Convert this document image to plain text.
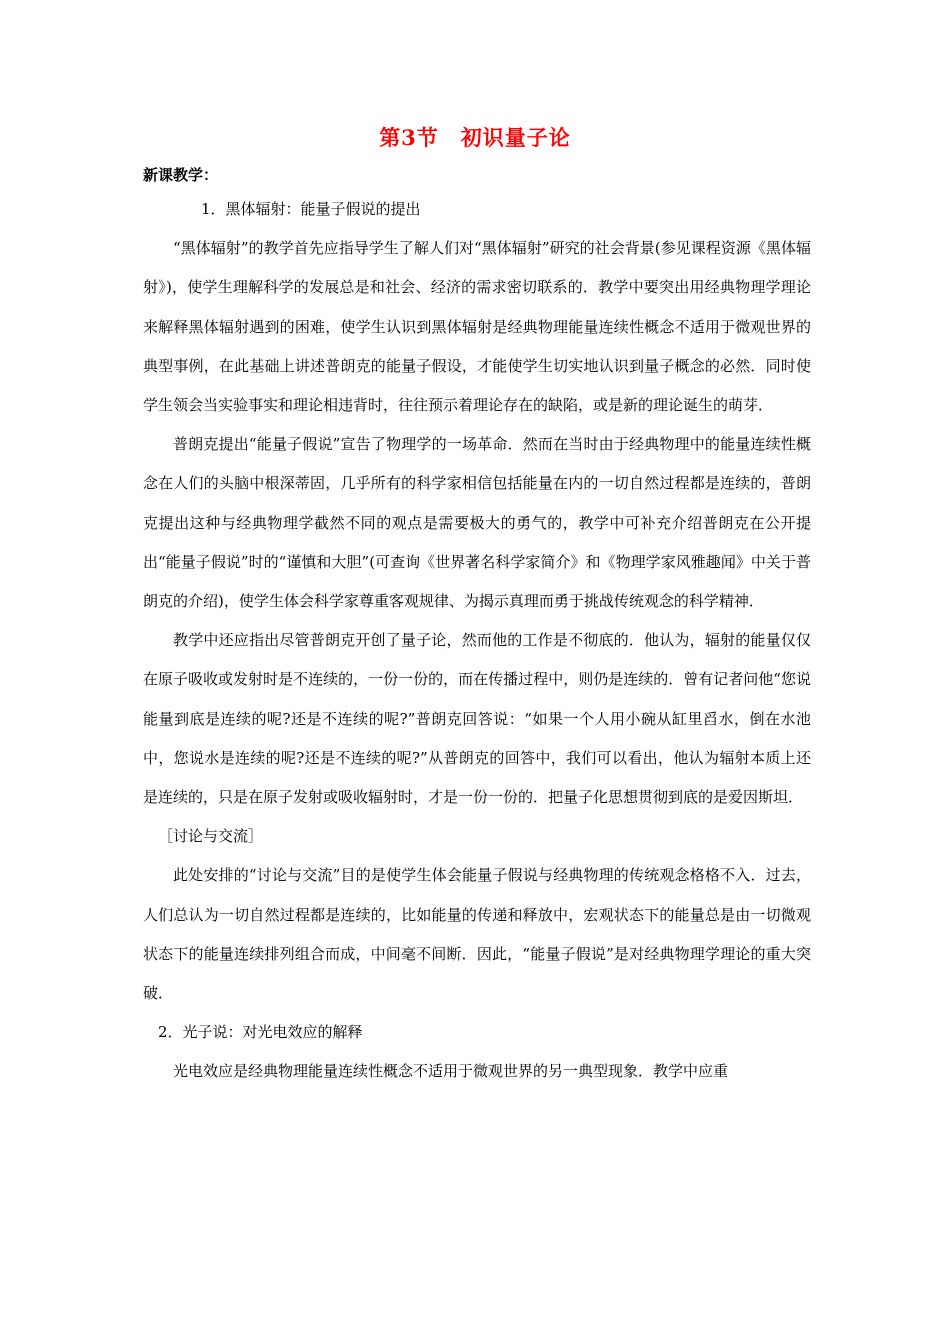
第3节　初识量子论
新课教学：

1．黑体辐射：能量子假说的提出

“黑体辐射”的教学首先应指导学生了解人们对“黑体辐射”研究的社会背景(参见课程资源《黑体辐射》)，使学生理解科学的发展总是和社会、经济的需求密切联系的．教学中要突出用经典物理学理论来解释黑体辐射遇到的困难，使学生认识到黑体辐射是经典物理能量连续性概念不适用于微观世界的典型事例，在此基础上讲述普朗克的能量子假设，才能使学生切实地认识到量子概念的必然．同时使学生领会当实验事实和理论相违背时，往往预示着理论存在的缺陷，或是新的理论诞生的萌芽．

普朗克提出“能量子假说”宣告了物理学的一场革命．然而在当时由于经典物理中的能量连续性概念在人们的头脑中根深蒂固，几乎所有的科学家相信包括能量在内的一切自然过程都是连续的，普朗克提出这种与经典物理学截然不同的观点是需要极大的勇气的，教学中可补充介绍普朗克在公开提出“能量子假说”时的“谨慎和大胆”(可查询《世界著名科学家简介》和《物理学家风雅趣闻》中关于普朗克的介绍)，使学生体会科学家尊重客观规律、为揭示真理而勇于挑战传统观念的科学精神．

教学中还应指出尽管普朗克开创了量子论，然而他的工作是不彻底的．他认为，辐射的能量仅仅在原子吸收或发射时是不连续的，一份一份的，而在传播过程中，则仍是连续的．曾有记者问他“您说能量到底是连续的呢?还是不连续的呢?”普朗克回答说：“如果一个人用小碗从缸里舀水，倒在水池中，您说水是连续的呢?还是不连续的呢?”从普朗克的回答中，我们可以看出，他认为辐射本质上还是连续的，只是在原子发射或吸收辐射时，才是一份一份的．把量子化思想贯彻到底的是爱因斯坦．

［讨论与交流］

此处安排的“讨论与交流”目的是使学生体会能量子假说与经典物理的传统观念格格不入．过去，人们总认为一切自然过程都是连续的，比如能量的传递和释放中，宏观状态下的能量总是由一切微观状态下的能量连续排列组合而成，中间毫不间断．因此，“能量子假说”是对经典物理学理论的重大突破．

2．光子说：对光电效应的解释

光电效应是经典物理能量连续性概念不适用于微观世界的另一典型现象．教学中应重
